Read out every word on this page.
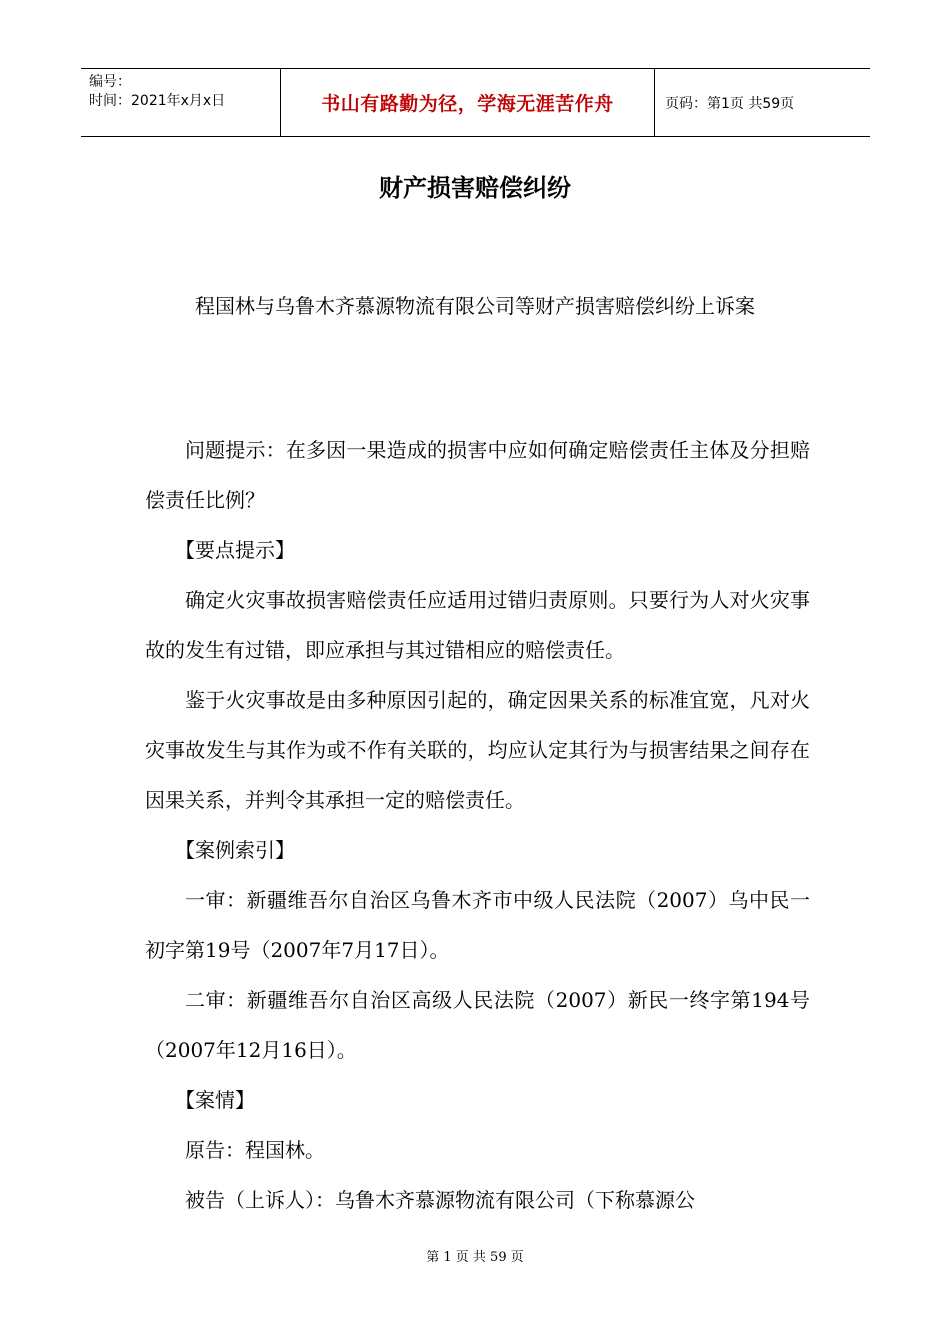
编号：
时间：2021年x月x日	书山有路勤为径，学海无涯苦作舟	页码：第1页 共59页
财产损害赔偿纠纷
程国林与乌鲁木齐慕源物流有限公司等财产损害赔偿纠纷上诉案

问题提示：在多因一果造成的损害中应如何确定赔偿责任主体及分担赔偿责任比例？

【要点提示】

确定火灾事故损害赔偿责任应适用过错归责原则。只要行为人对火灾事故的发生有过错，即应承担与其过错相应的赔偿责任。

鉴于火灾事故是由多种原因引起的，确定因果关系的标准宜宽，凡对火灾事故发生与其作为或不作有关联的，均应认定其行为与损害结果之间存在因果关系，并判令其承担一定的赔偿责任。

【案例索引】

一审：新疆维吾尔自治区乌鲁木齐市中级人民法院（2007）乌中民一初字第19号（2007年7月17日）。

二审：新疆维吾尔自治区高级人民法院（2007）新民一终字第194号（2007年12月16日）。

【案情】

原告：程国林。

被告（上诉人）：乌鲁木齐慕源物流有限公司（下称慕源公

第 1 页 共 59 页
